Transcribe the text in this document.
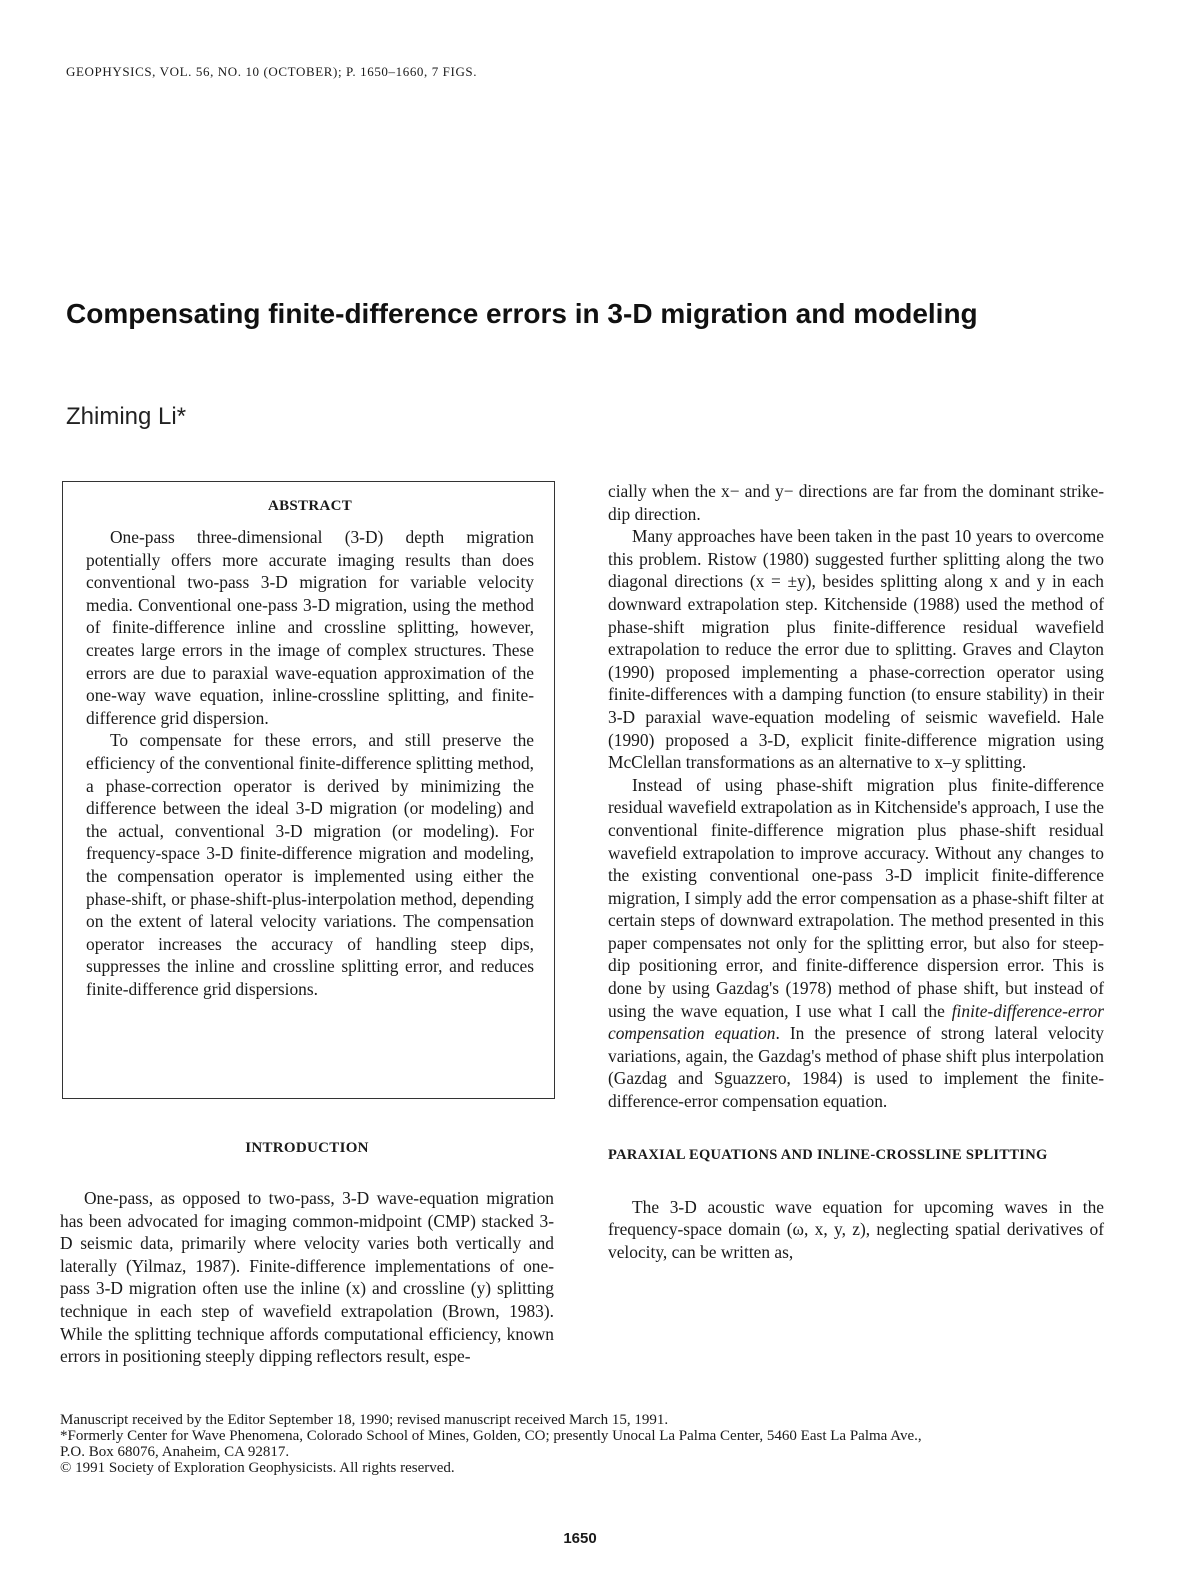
GEOPHYSICS, VOL. 56, NO. 10 (OCTOBER); P. 1650–1660, 7 FIGS.
Compensating finite-difference errors in 3-D migration and modeling
Zhiming Li*
ABSTRACT

One-pass three-dimensional (3-D) depth migration potentially offers more accurate imaging results than does conventional two-pass 3-D migration for variable velocity media. Conventional one-pass 3-D migration, using the method of finite-difference inline and crossline splitting, however, creates large errors in the image of complex structures. These errors are due to paraxial wave-equation approximation of the one-way wave equation, inline-crossline splitting, and finite-difference grid dispersion.

To compensate for these errors, and still preserve the efficiency of the conventional finite-difference splitting method, a phase-correction operator is derived by minimizing the difference between the ideal 3-D migration (or modeling) and the actual, conventional 3-D migration (or modeling). For frequency-space 3-D finite-difference migration and modeling, the compensation operator is implemented using either the phase-shift, or phase-shift-plus-interpolation method, depending on the extent of lateral velocity variations. The compensation operator increases the accuracy of handling steep dips, suppresses the inline and crossline splitting error, and reduces finite-difference grid dispersions.

INTRODUCTION

One-pass, as opposed to two-pass, 3-D wave-equation migration has been advocated for imaging common-midpoint (CMP) stacked 3-D seismic data, primarily where velocity varies both vertically and laterally (Yilmaz, 1987). Finite-difference implementations of one-pass 3-D migration often use the inline (x) and crossline (y) splitting technique in each step of wavefield extrapolation (Brown, 1983). While the splitting technique affords computational efficiency, known errors in positioning steeply dipping reflectors result, espe-

cially when the x− and y− directions are far from the dominant strike-dip direction.

Many approaches have been taken in the past 10 years to overcome this problem. Ristow (1980) suggested further splitting along the two diagonal directions (x = ±y), besides splitting along x and y in each downward extrapolation step. Kitchenside (1988) used the method of phase-shift migration plus finite-difference residual wavefield extrapolation to reduce the error due to splitting. Graves and Clayton (1990) proposed implementing a phase-correction operator using finite-differences with a damping function (to ensure stability) in their 3-D paraxial wave-equation modeling of seismic wavefield. Hale (1990) proposed a 3-D, explicit finite-difference migration using McClellan transformations as an alternative to x–y splitting.

Instead of using phase-shift migration plus finite-difference residual wavefield extrapolation as in Kitchenside's approach, I use the conventional finite-difference migration plus phase-shift residual wavefield extrapolation to improve accuracy. Without any changes to the existing conventional one-pass 3-D implicit finite-difference migration, I simply add the error compensation as a phase-shift filter at certain steps of downward extrapolation. The method presented in this paper compensates not only for the splitting error, but also for steep-dip positioning error, and finite-difference dispersion error. This is done by using Gazdag's (1978) method of phase shift, but instead of using the wave equation, I use what I call the finite-difference-error compensation equation. In the presence of strong lateral velocity variations, again, the Gazdag's method of phase shift plus interpolation (Gazdag and Sguazzero, 1984) is used to implement the finite-difference-error compensation equation.

PARAXIAL EQUATIONS AND INLINE-CROSSLINE SPLITTING

The 3-D acoustic wave equation for upcoming waves in the frequency-space domain (ω, x, y, z), neglecting spatial derivatives of velocity, can be written as,

Manuscript received by the Editor September 18, 1990; revised manuscript received March 15, 1991.
*Formerly Center for Wave Phenomena, Colorado School of Mines, Golden, CO; presently Unocal La Palma Center, 5460 East La Palma Ave.,
P.O. Box 68076, Anaheim, CA 92817.
© 1991 Society of Exploration Geophysicists. All rights reserved.
1650
